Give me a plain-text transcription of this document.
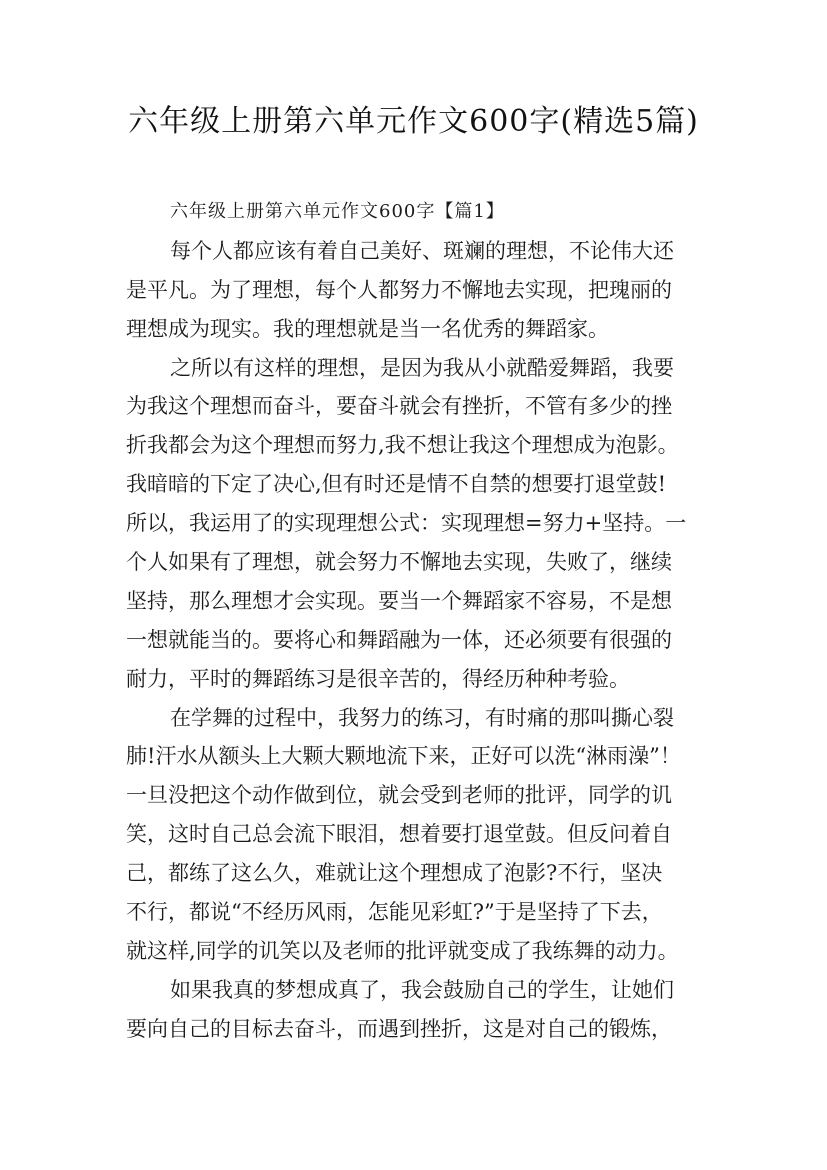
六年级上册第六单元作文600字(精选5篇)
六年级上册第六单元作文600字【篇1】
每个人都应该有着自己美好、斑斓的理想，不论伟大还
是平凡。为了理想，每个人都努力不懈地去实现，把瑰丽的
理想成为现实。我的理想就是当一名优秀的舞蹈家。
之所以有这样的理想，是因为我从小就酷爱舞蹈，我要
为我这个理想而奋斗，要奋斗就会有挫折，不管有多少的挫
折我都会为这个理想而努力,我不想让我这个理想成为泡影。
我暗暗的下定了决心,但有时还是情不自禁的想要打退堂鼓!
所以，我运用了的实现理想公式：实现理想=努力+坚持。一
个人如果有了理想，就会努力不懈地去实现，失败了，继续
坚持，那么理想才会实现。要当一个舞蹈家不容易，不是想
一想就能当的。要将心和舞蹈融为一体，还必须要有很强的
耐力，平时的舞蹈练习是很辛苦的，得经历种种考验。
在学舞的过程中，我努力的练习，有时痛的那叫撕心裂
肺!汗水从额头上大颗大颗地流下来，正好可以洗“淋雨澡”！
一旦没把这个动作做到位，就会受到老师的批评，同学的讥
笑，这时自己总会流下眼泪，想着要打退堂鼓。但反问着自
己，都练了这么久，难就让这个理想成了泡影?不行，坚决
不行，都说“不经历风雨，怎能见彩虹?”于是坚持了下去，
就这样,同学的讥笑以及老师的批评就变成了我练舞的动力。
如果我真的梦想成真了，我会鼓励自己的学生，让她们
要向自己的目标去奋斗，而遇到挫折，这是对自己的锻炼，
